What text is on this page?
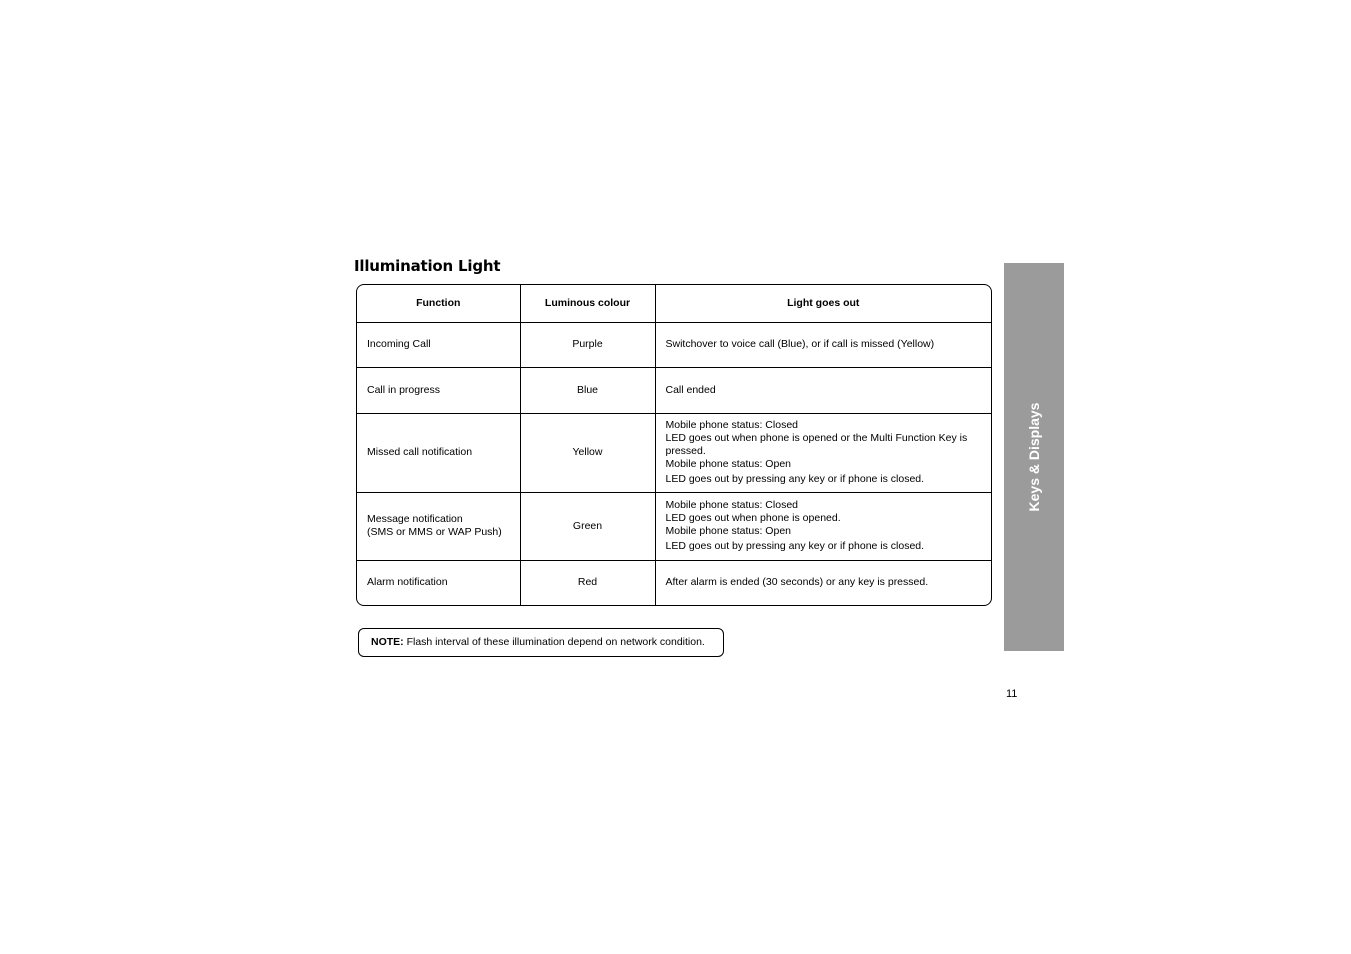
Illumination Light
Function	Luminous colour	Light goes out

Incoming Call	Purple	Switchover to voice call (Blue), or if call is missed (Yellow)

Call in progress	Blue	Call ended

Missed call notification	Yellow	Mobile phone status: Closed
LED goes out when phone is opened or the Multi Function Key is pressed.
Mobile phone status: Open
LED goes out by pressing any key or if phone is closed.

Message notification
(SMS or MMS or WAP Push)	Green	Mobile phone status: Closed
LED goes out when phone is opened.
Mobile phone status: Open
LED goes out by pressing any key or if phone is closed.

Alarm notification	Red	After alarm is ended (30 seconds) or any key is pressed.
NOTE: Flash interval of these illumination depend on network condition.
Keys & Displays
11
